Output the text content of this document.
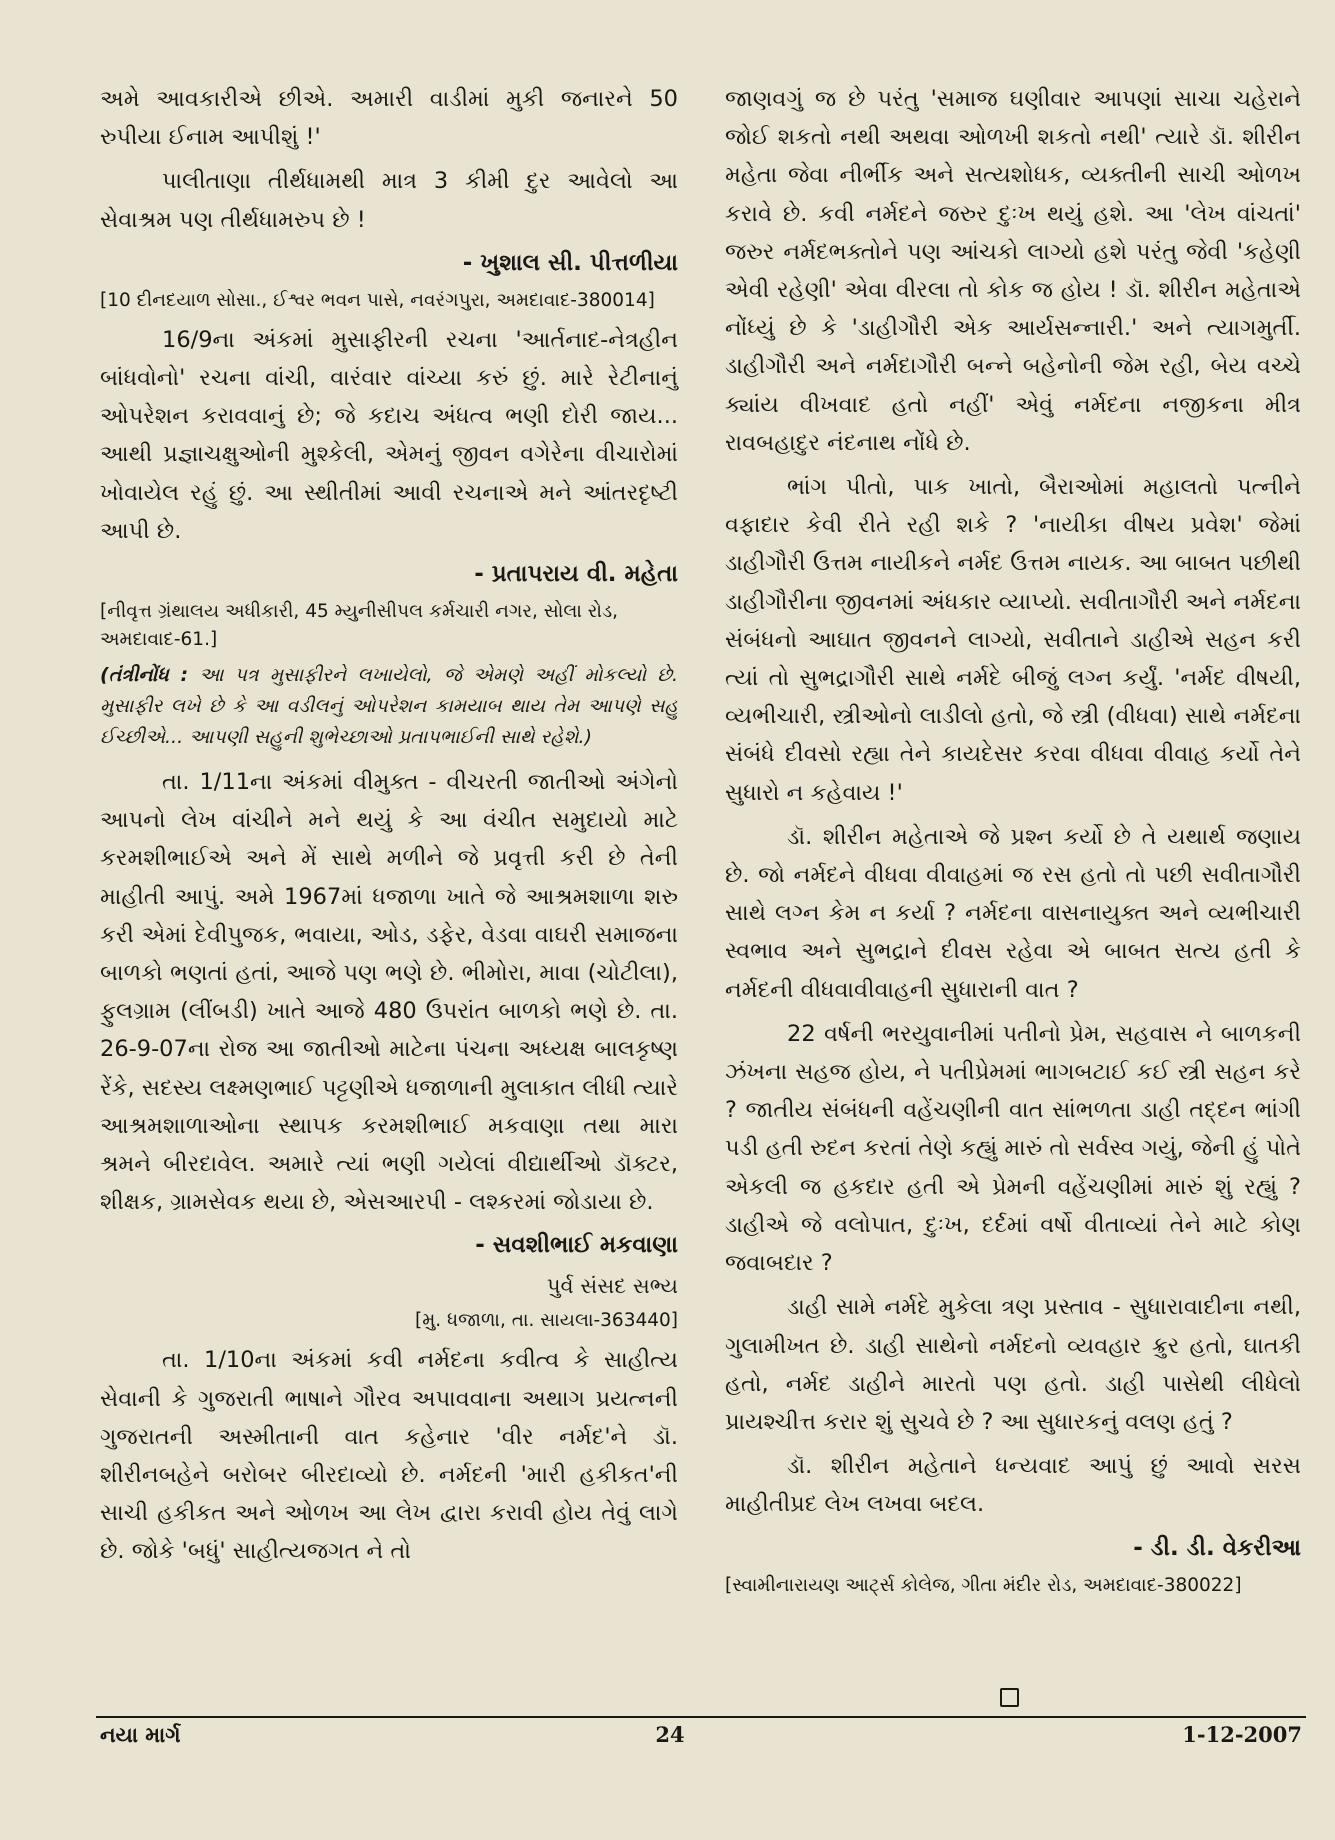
અમે આવકારીએ છીએ. અમારી વાડીમાં મુકી જનારને 50 રુપીયા ઈનામ આપીશું !'

પાલીતાણા તીર્થધામથી માત્ર 3 કીમી દુર આવેલો આ સેવાશ્રમ પણ તીર્થધામરુપ છે !

- ખુશાલ સી. પીત્તળીયા

[10 દીનદયાળ સોસા., ઈશ્વર ભવન પાસે, નવરંગપુરા, અમદાવાદ-380014]

16/9ના અંકમાં મુસાફીરની રચના 'આર્તનાદ-નેત્રહીન બાંધવોનો' રચના વાંચી, વારંવાર વાંચ્યા કરું છું. મારે રેટીનાનું ઓપરેશન કરાવવાનું છે; જે કદાચ અંધત્વ ભણી દોરી જાય... આથી પ્રજ્ઞાચક્ષુઓની મુશ્કેલી, એમનું જીવન વગેરેના વીચારોમાં ખોવાયેલ રહું છું. આ સ્થીતીમાં આવી રચનાએ મને આંતરદૃષ્ટી આપી છે.

- પ્રતાપરાય વી. મહેતા

[નીવૃત્ત ગ્રંથાલય અધીકારી, 45 મ્યુનીસીપલ કર્મચારી નગર, સોલા રોડ, અમદાવાદ-61.]

(તંત્રીનોંધ : આ પત્ર મુસાફીરને લખાયેલો, જે એમણે અહીં મોકલ્યો છે. મુસાફીર લખે છે કે આ વડીલનું ઓપરેશન કામયાબ થાય તેમ આપણે સહુ ઈચ્છીએ... આપણી સહુની શુભેચ્છાઓ પ્રતાપભાઈની સાથે રહેશે.)

તા. 1/11ના અંકમાં વીમુક્ત - વીચરતી જાતીઓ અંગેનો આપનો લેખ વાંચીને મને થયું કે આ વંચીત સમુદાયો માટે કરમશીભાઈએ અને મેં સાથે મળીને જે પ્રવૃત્તી કરી છે તેની માહીતી આપું. અમે 1967માં ધજાળા ખાતે જે આશ્રમશાળા શરુ કરી એમાં દેવીપુજક, ભવાયા, ઓડ, ડફેર, વેડવા વાઘરી સમાજના બાળકો ભણતાં હતાં, આજે પણ ભણે છે. ભીમોરા, માવા (ચોટીલા), ફુલગ્રામ (લીંબડી) ખાતે આજે 480 ઉપરાંત બાળકો ભણે છે. તા. 26-9-07ના રોજ આ જાતીઓ માટેના પંચના અધ્યક્ષ બાલકૃષ્ણ રેંકે, સદસ્ય લક્ષ્મણભાઈ પટ્ટણીએ ધજાળાની મુલાકાત લીધી ત્યારે આશ્રમશાળાઓના સ્થાપક કરમશીભાઈ મકવાણા તથા મારા શ્રમને બીરદાવેલ. અમારે ત્યાં ભણી ગયેલાં વીદ્યાર્થીઓ ડૉક્ટર, શીક્ષક, ગ્રામસેવક થયા છે, એસઆરપી - લશ્કરમાં જોડાયા છે.

- સવશીભાઈ મકવાણા

પુર્વ સંસદ સભ્ય

[મુ. ધજાળા, તા. સાયલા-363440]

તા. 1/10ના અંકમાં કવી નર્મદના કવીત્વ કે સાહીત્ય સેવાની કે ગુજરાતી ભાષાને ગૌરવ અપાવવાના અથાગ પ્રયત્નની ગુજરાતની અસ્મીતાની વાત કહેનાર 'વીર નર્મદ'ને ડૉ. શીરીનબહેને બરોબર બીરદાવ્યો છે. નર્મદની 'મારી હકીકત'ની સાચી હકીકત અને ઓળખ આ લેખ દ્વારા કરાવી હોય તેવું લાગે છે. જોકે 'બધું' સાહીત્યજગત ને તો

જાણવગું જ છે પરંતુ 'સમાજ ઘણીવાર આપણાં સાચા ચહેરાને જોઈ શકતો નથી અથવા ઓળખી શકતો નથી' ત્યારે ડૉ. શીરીન મહેતા જેવા નીર્ભીક અને સત્યશોધક, વ્યક્તીની સાચી ઓળખ કરાવે છે. કવી નર્મદને જરુર દુઃખ થયું હશે. આ 'લેખ વાંચતાં' જરુર નર્મદભક્તોને પણ આંચકો લાગ્યો હશે પરંતુ જેવી 'કહેણી એવી રહેણી' એવા વીરલા તો કોક જ હોય ! ડૉ. શીરીન મહેતાએ નોંધ્યું છે કે 'ડાહીગૌરી એક આર્યસન્નારી.' અને ત્યાગમુર્તી. ડાહીગૌરી અને નર્મદાગૌરી બન્ને બહેનોની જેમ રહી, બેય વચ્ચે ક્યાંય વીખવાદ હતો નહીં' એવું નર્મદના નજીકના મીત્ર રાવબહાદુર નંદનાથ નોંધે છે.

ભાંગ પીતો, પાક ખાતો, બૈરાઓમાં મહાલતો પત્નીને વફાદાર કેવી રીતે રહી શકે ? 'નાયીકા વીષય પ્રવેશ' જેમાં ડાહીગૌરી ઉત્તમ નાયીકને નર્મદ ઉત્તમ નાયક. આ બાબત પછીથી ડાહીગૌરીના જીવનમાં અંધકાર વ્યાપ્યો. સવીતાગૌરી અને નર્મદના સંબંધનો આઘાત જીવનને લાગ્યો, સવીતાને ડાહીએ સહન કરી ત્યાં તો સુભદ્રાગૌરી સાથે નર્મદે બીજું લગ્ન કર્યું. 'નર્મદ વીષયી, વ્યભીચારી, સ્ત્રીઓનો લાડીલો હતો, જે સ્ત્રી (વીધવા) સાથે નર્મદના સંબંધે દીવસો રહ્યા તેને કાયદેસર કરવા વીધવા વીવાહ કર્યો તેને સુધારો ન કહેવાય !'

ડૉ. શીરીન મહેતાએ જે પ્રશ્ન કર્યો છે તે યથાર્થ જણાય છે. જો નર્મદને વીધવા વીવાહમાં જ રસ હતો તો પછી સવીતાગૌરી સાથે લગ્ન કેમ ન કર્યા ? નર્મદના વાસનાયુક્ત અને વ્યભીચારી સ્વભાવ અને સુભદ્રાને દીવસ રહેવા એ બાબત સત્ય હતી કે નર્મદની વીધવાવીવાહની સુધારાની વાત ?

22 વર્ષની ભરયુવાનીમાં પતીનો પ્રેમ, સહવાસ ને બાળકની ઝંખના સહજ હોય, ને પતીપ્રેમમાં ભાગબટાઈ કઈ સ્ત્રી સહન કરે ? જાતીય સંબંધની વહેંચણીની વાત સાંભળતા ડાહી તદ્દન ભાંગી પડી હતી રુદન કરતાં તેણે કહ્યું મારું તો સર્વસ્વ ગયું, જેની હું પોતે એકલી જ હકદાર હતી એ પ્રેમની વહેંચણીમાં મારું શું રહ્યું ? ડાહીએ જે વલોપાત, દુઃખ, દર્દમાં વર્ષો વીતાવ્યાં તેને માટે કોણ જવાબદાર ?

ડાહી સામે નર્મદે મુકેલા ત્રણ પ્રસ્તાવ - સુધારાવાદીના નથી, ગુલામીખત છે. ડાહી સાથેનો નર્મદનો વ્યવહાર ક્રુર હતો, ઘાતકી હતો, નર્મદ ડાહીને મારતો પણ હતો. ડાહી પાસેથી લીધેલો પ્રાયશ્ચીત્ત કરાર શું સુચવે છે ? આ સુધારકનું વલણ હતું ?

ડૉ. શીરીન મહેતાને ધન્યવાદ આપું છું આવો સરસ માહીતીપ્રદ લેખ લખવા બદલ.

- ડી. ડી. વેકરીઆ

[સ્વામીનારાયણ આર્ટ્સ કોલેજ, ગીતા મંદીર રોડ, અમદાવાદ-380022]

નયા માર્ગ	24	1-12-2007
